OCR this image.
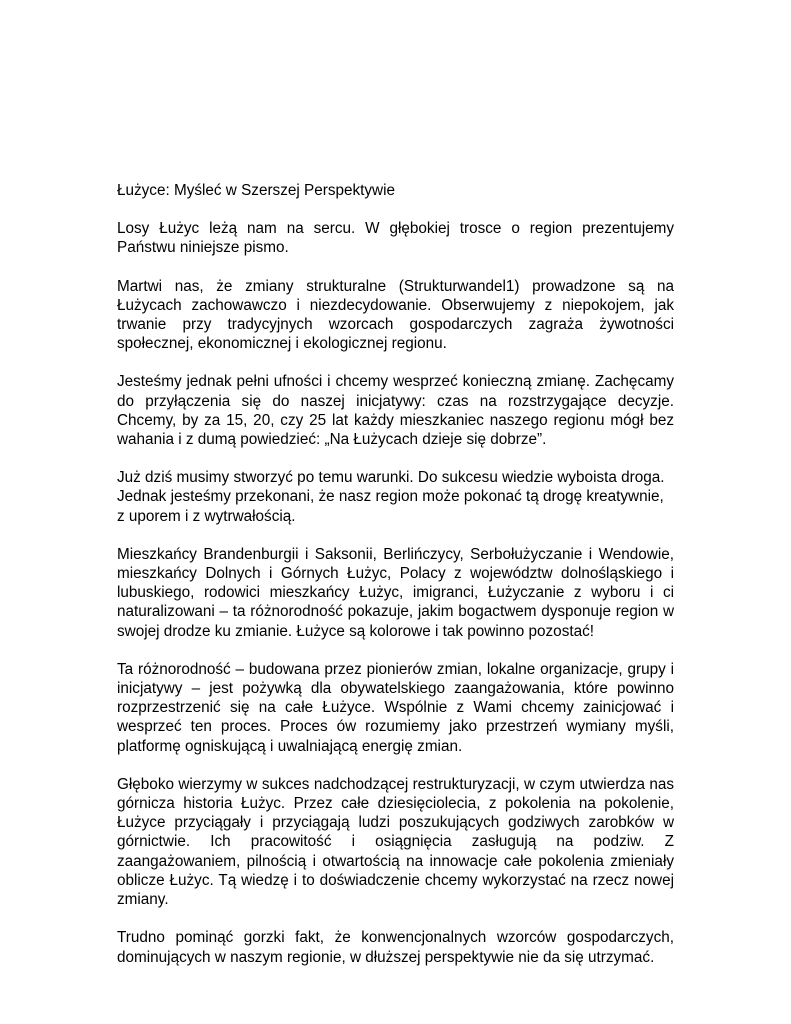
Łużyce: Myśleć w Szerszej Perspektywie

Losy Łużyc leżą nam na sercu. W głębokiej trosce o region prezentujemy Państwu niniejsze pismo.

Martwi nas, że zmiany strukturalne (Strukturwandel1) prowadzone są na Łużycach zachowawczo i niezdecydowanie. Obserwujemy z niepokojem, jak trwanie przy tradycyjnych wzorcach gospodarczych zagraża żywotności społecznej, ekonomicznej i ekologicznej regionu.

Jesteśmy jednak pełni ufności i chcemy wesprzeć konieczną zmianę. Zachęcamy do przyłączenia się do naszej inicjatywy: czas na rozstrzygające decyzje. Chcemy, by za 15, 20, czy 25 lat każdy mieszkaniec naszego regionu mógł bez wahania i z dumą powiedzieć: „Na Łużycach dzieje się dobrze”.

Już dziś musimy stworzyć po temu warunki. Do sukcesu wiedzie wyboista droga. Jednak jesteśmy przekonani, że nasz region może pokonać tą drogę kreatywnie, z uporem i z wytrwałością.

Mieszkańcy Brandenburgii i Saksonii, Berlińczycy, Serbołużyczanie i Wendowie, mieszkańcy Dolnych i Górnych Łużyc, Polacy z województw dolnośląskiego i lubuskiego, rodowici mieszkańcy Łużyc, imigranci, Łużyczanie z wyboru i ci naturalizowani – ta różnorodność pokazuje, jakim bogactwem dysponuje region w swojej drodze ku zmianie. Łużyce są kolorowe i tak powinno pozostać!

Ta różnorodność – budowana przez pionierów zmian, lokalne organizacje, grupy i inicjatywy – jest pożywką dla obywatelskiego zaangażowania, które powinno rozprzestrzenić się na całe Łużyce. Wspólnie z Wami chcemy zainicjować i wesprzeć ten proces. Proces ów rozumiemy jako przestrzeń wymiany myśli, platformę ogniskującą i uwalniającą energię zmian.

Głęboko wierzymy w sukces nadchodzącej restrukturyzacji, w czym utwierdza nas górnicza historia Łużyc. Przez całe dziesięciolecia, z pokolenia na pokolenie, Łużyce przyciągały i przyciągają ludzi poszukujących godziwych zarobków w górnictwie. Ich pracowitość i osiągnięcia zasługują na podziw. Z zaangażowaniem, pilnością i otwartością na innowacje całe pokolenia zmieniały oblicze Łużyc. Tą wiedzę i to doświadczenie chcemy wykorzystać na rzecz nowej zmiany.

Trudno pominąć gorzki fakt, że konwencjonalnych wzorców gospodarczych, dominujących w naszym regionie, w dłuższej perspektywie nie da się utrzymać.
